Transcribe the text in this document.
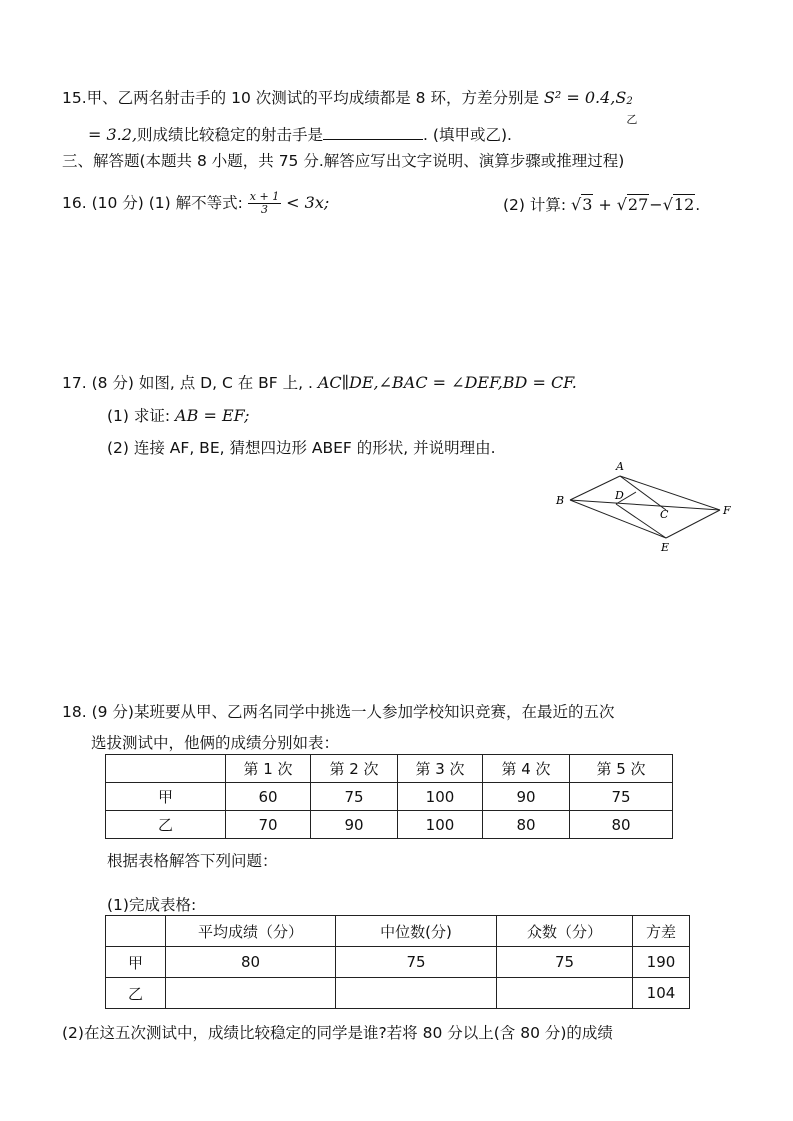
15.甲、乙两名射击手的 10 次测试的平均成绩都是 8 环，方差分别是 S² = 0.4,S 2
乙
= 3.2,则成绩比较稳定的射击手是	. (填甲或乙).
三、解答题(本题共 8 小题，共 75 分.解答应写出文字说明、演算步骤或推理过程)
16. (10 分) (1) 解不等式: $\frac{x + 1}{3} < 3x$;	(2) 计算: √3 + √27−√12.
17. (8 分) 如图, 点 D, C 在 BF 上, . AC∥DE,∠BAC = ∠DEF,BD = CF.
(1) 求证: AB = EF;
(2) 连接 AF, BE, 猜想四边形 ABEF 的形状, 并说明理由.
A
B	D
C	F
E
18. (9 分)某班要从甲、乙两名同学中挑选一人参加学校知识竞赛，在最近的五次
选拔测试中，他俩的成绩分别如表：
	第 1 次	第 2 次	第 3 次	第 4 次	第 5 次
甲	60	75	100	90	75
乙	70	90	100	80	80
根据表格解答下列问题：
(1)完成表格:
	平均成绩（分）	中位数(分)	众数（分）	方差
甲	80	75	75	190
乙				104
(2)在这五次测试中，成绩比较稳定的同学是谁?若将 80 分以上(含 80 分)的成绩
